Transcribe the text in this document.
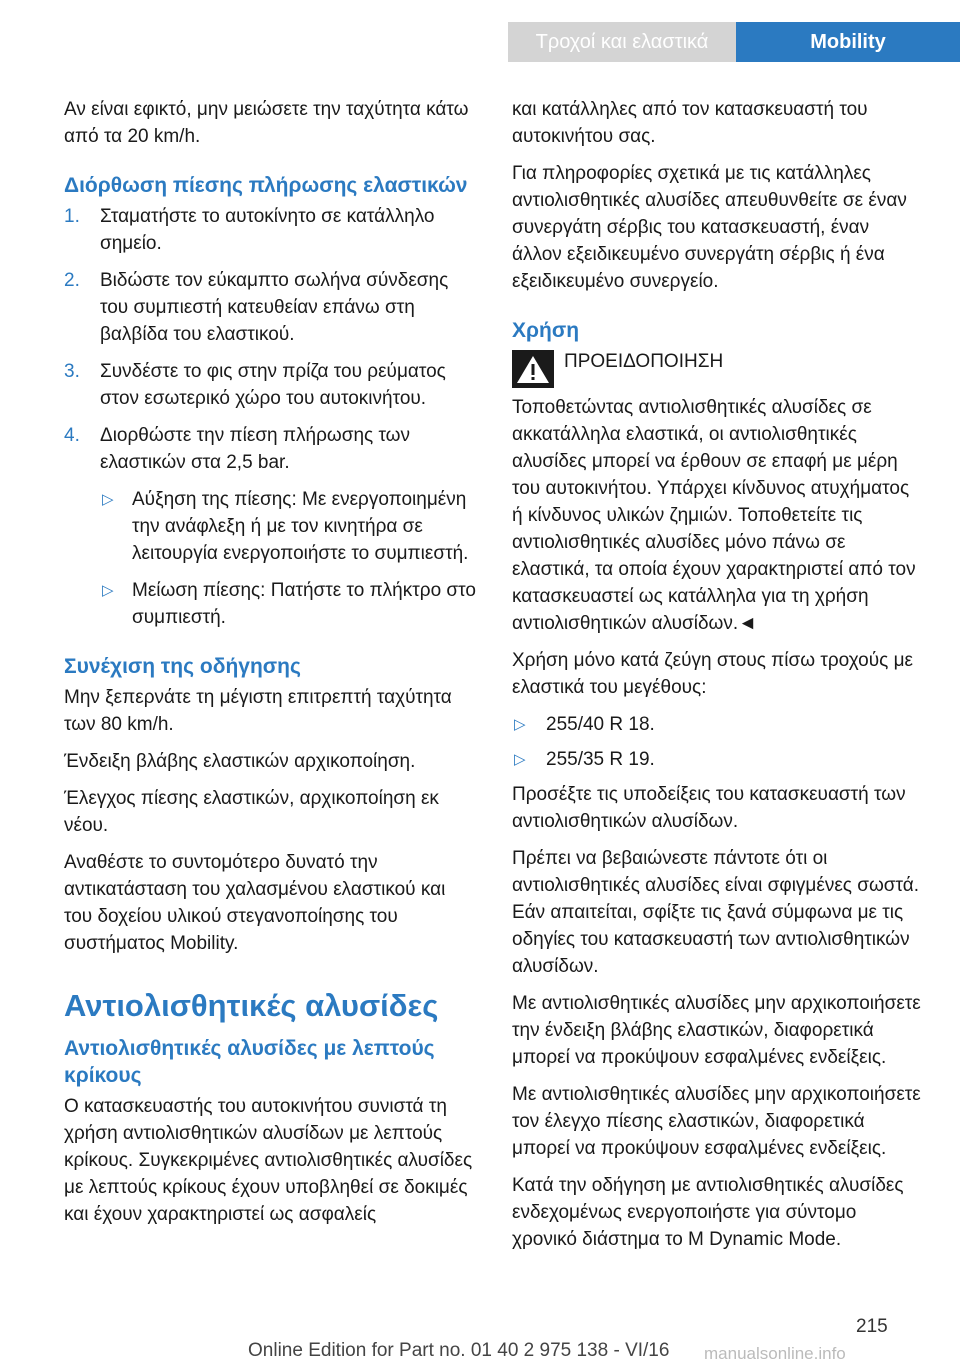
Τροχοί και ελαστικά	Mobility

Αν είναι εφικτό, μην μειώσετε την ταχύτητα κάτω από τα 20 km/h.

Διόρθωση πίεσης πλήρωσης ελαστικών
1. Σταματήστε το αυτοκίνητο σε κατάλληλο σημείο.
2. Βιδώστε τον εύκαμπτο σωλήνα σύνδεσης του συμπιεστή κατευθείαν επάνω στη βαλβίδα του ελαστικού.
3. Συνδέστε το φις στην πρίζα του ρεύματος στον εσωτερικό χώρο του αυτοκινήτου.
4. Διορθώστε την πίεση πλήρωσης των ελαστικών στα 2,5 bar.
▷ Αύξηση της πίεσης: Με ενεργοποιημένη την ανάφλεξη ή με τον κινητήρα σε λειτουργία ενεργοποιήστε το συμπιεστή.
▷ Μείωση πίεσης: Πατήστε το πλήκτρο στο συμπιεστή.
Συνέχιση της οδήγησης

Μην ξεπερνάτε τη μέγιστη επιτρεπτή ταχύτητα των 80 km/h.

Ένδειξη βλάβης ελαστικών αρχικοποίηση.

Έλεγχος πίεσης ελαστικών, αρχικοποίηση εκ νέου.

Αναθέστε το συντομότερο δυνατό την αντικατάσταση του χαλασμένου ελαστικού και του δοχείου υλικού στεγανοποίησης του συστήματος Mobility.

Αντιολισθητικές αλυσίδες
Αντιολισθητικές αλυσίδες με λεπτούς κρίκους

Ο κατασκευαστής του αυτοκινήτου συνιστά τη χρήση αντιολισθητικών αλυσίδων με λεπτούς κρίκους. Συγκεκριμένες αντιολισθητικές αλυσίδες με λεπτούς κρίκους έχουν υποβληθεί σε δοκιμές και έχουν χαρακτηριστεί ως ασφαλείς

και κατάλληλες από τον κατασκευαστή του αυτοκινήτου σας.

Για πληροφορίες σχετικά με τις κατάλληλες αντιολισθητικές αλυσίδες απευθυνθείτε σε έναν συνεργάτη σέρβις του κατασκευαστή, έναν άλλον εξειδικευμένο συνεργάτη σέρβις ή ένα εξειδικευμένο συνεργείο.

Χρήση
ΠΡΟΕΙΔΟΠΟΙΗΣΗ

Τοποθετώντας αντιολισθητικές αλυσίδες σε ακκατάλληλα ελαστικά, οι αντιολισθητικές αλυσίδες μπορεί να έρθουν σε επαφή με μέρη του αυτοκινήτου. Υπάρχει κίνδυνος ατυχήματος ή κίνδυνος υλικών ζημιών. Τοποθετείτε τις αντιολισθητικές αλυσίδες μόνο πάνω σε ελαστικά, τα οποία έχουν χαρακτηριστεί από τον κατασκευαστεί ως κατάλληλα για τη χρήση αντιολισθητικών αλυσίδων.◄

Χρήση μόνο κατά ζεύγη στους πίσω τροχούς με ελαστικά του μεγέθους:

▷ 255/40 R 18.
▷ 255/35 R 19.

Προσέξτε τις υποδείξεις του κατασκευαστή των αντιολισθητικών αλυσίδων.

Πρέπει να βεβαιώνεστε πάντοτε ότι οι αντιολισθητικές αλυσίδες είναι σφιγμένες σωστά. Εάν απαιτείται, σφίξτε τις ξανά σύμφωνα με τις οδηγίες του κατασκευαστή των αντιολισθητικών αλυσίδων.

Με αντιολισθητικές αλυσίδες μην αρχικοποιήσετε την ένδειξη βλάβης ελαστικών, διαφορετικά μπορεί να προκύψουν εσφαλμένες ενδείξεις.

Με αντιολισθητικές αλυσίδες μην αρχικοποιήσετε τον έλεγχο πίεσης ελαστικών, διαφορετικά μπορεί να προκύψουν εσφαλμένες ενδείξεις.

Κατά την οδήγηση με αντιολισθητικές αλυσίδες ενδεχομένως ενεργοποιήστε για σύντομο χρονικό διάστημα το M Dynamic Mode.

215
Online Edition for Part no. 01 40 2 975 138 - VI/16 manualsonline.info
